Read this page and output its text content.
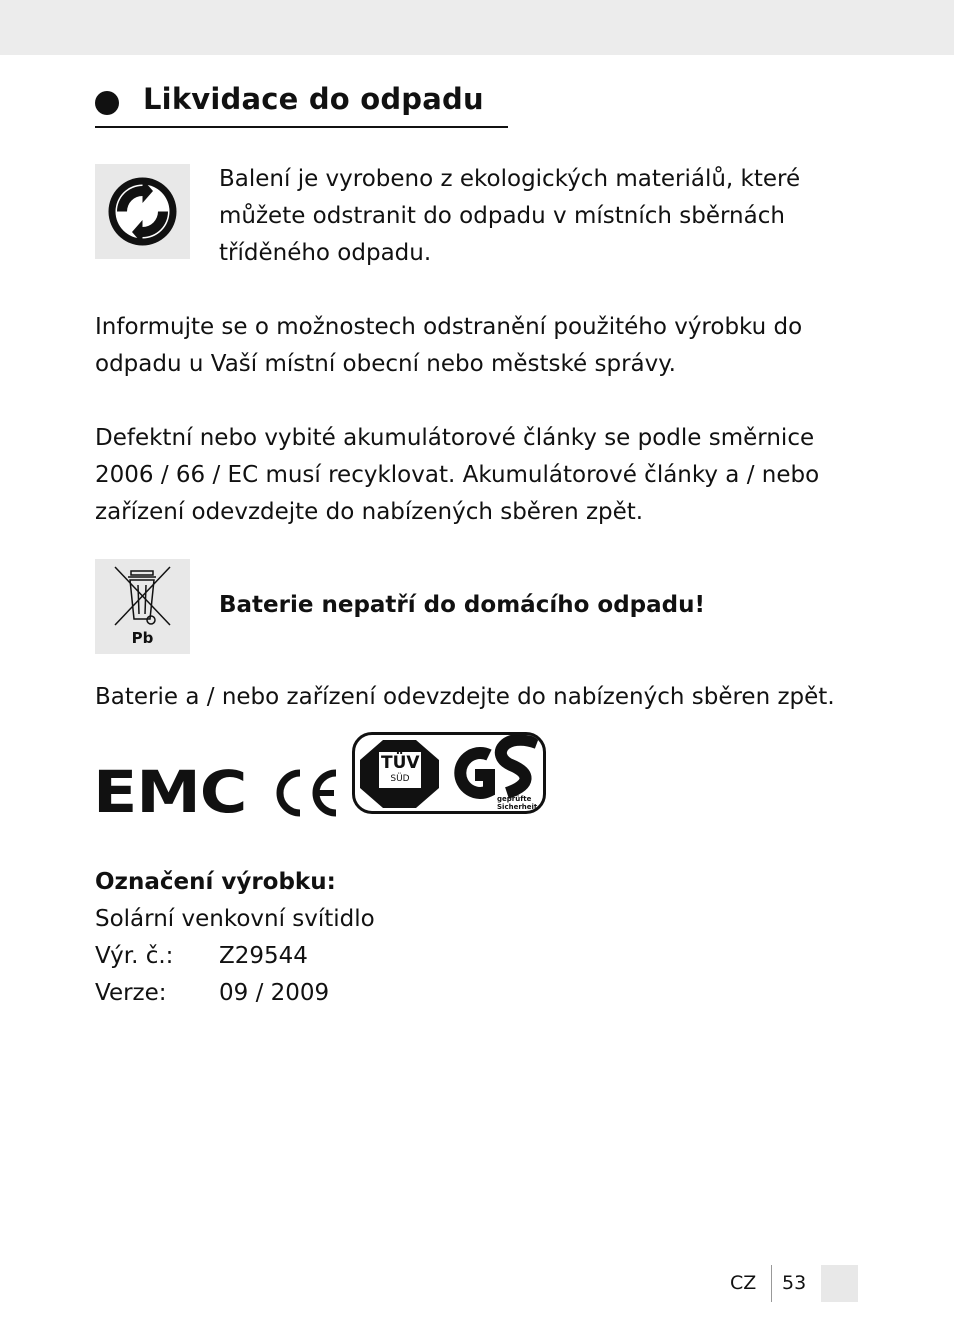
Likvidace do odpadu
Balení je vyrobeno z ekologických materiálů, které
můžete odstranit do odpadu v místních sběrnách
tříděného odpadu.
Informujte se o možnostech odstranění použitého výrobku do
odpadu u Vaší místní obecní nebo městské správy.
Defektní nebo vybité akumulátorové články se podle směrnice
2006 / 66 / EC musí recyklovat. Akumulátorové články a / nebo
zařízení odevzdejte do nabízených sběren zpět.
Pb
Baterie nepatří do domácího odpadu!
Baterie a / nebo zařízení odevzdejte do nabízených sběren zpět.
EMC	TÜV
SÜD
geprüfte
Sicherheit
Označení výrobku:
Solární venkovní svítidlo
Výr. č.: Z29544
Verze: 09 / 2009
CZ 53
